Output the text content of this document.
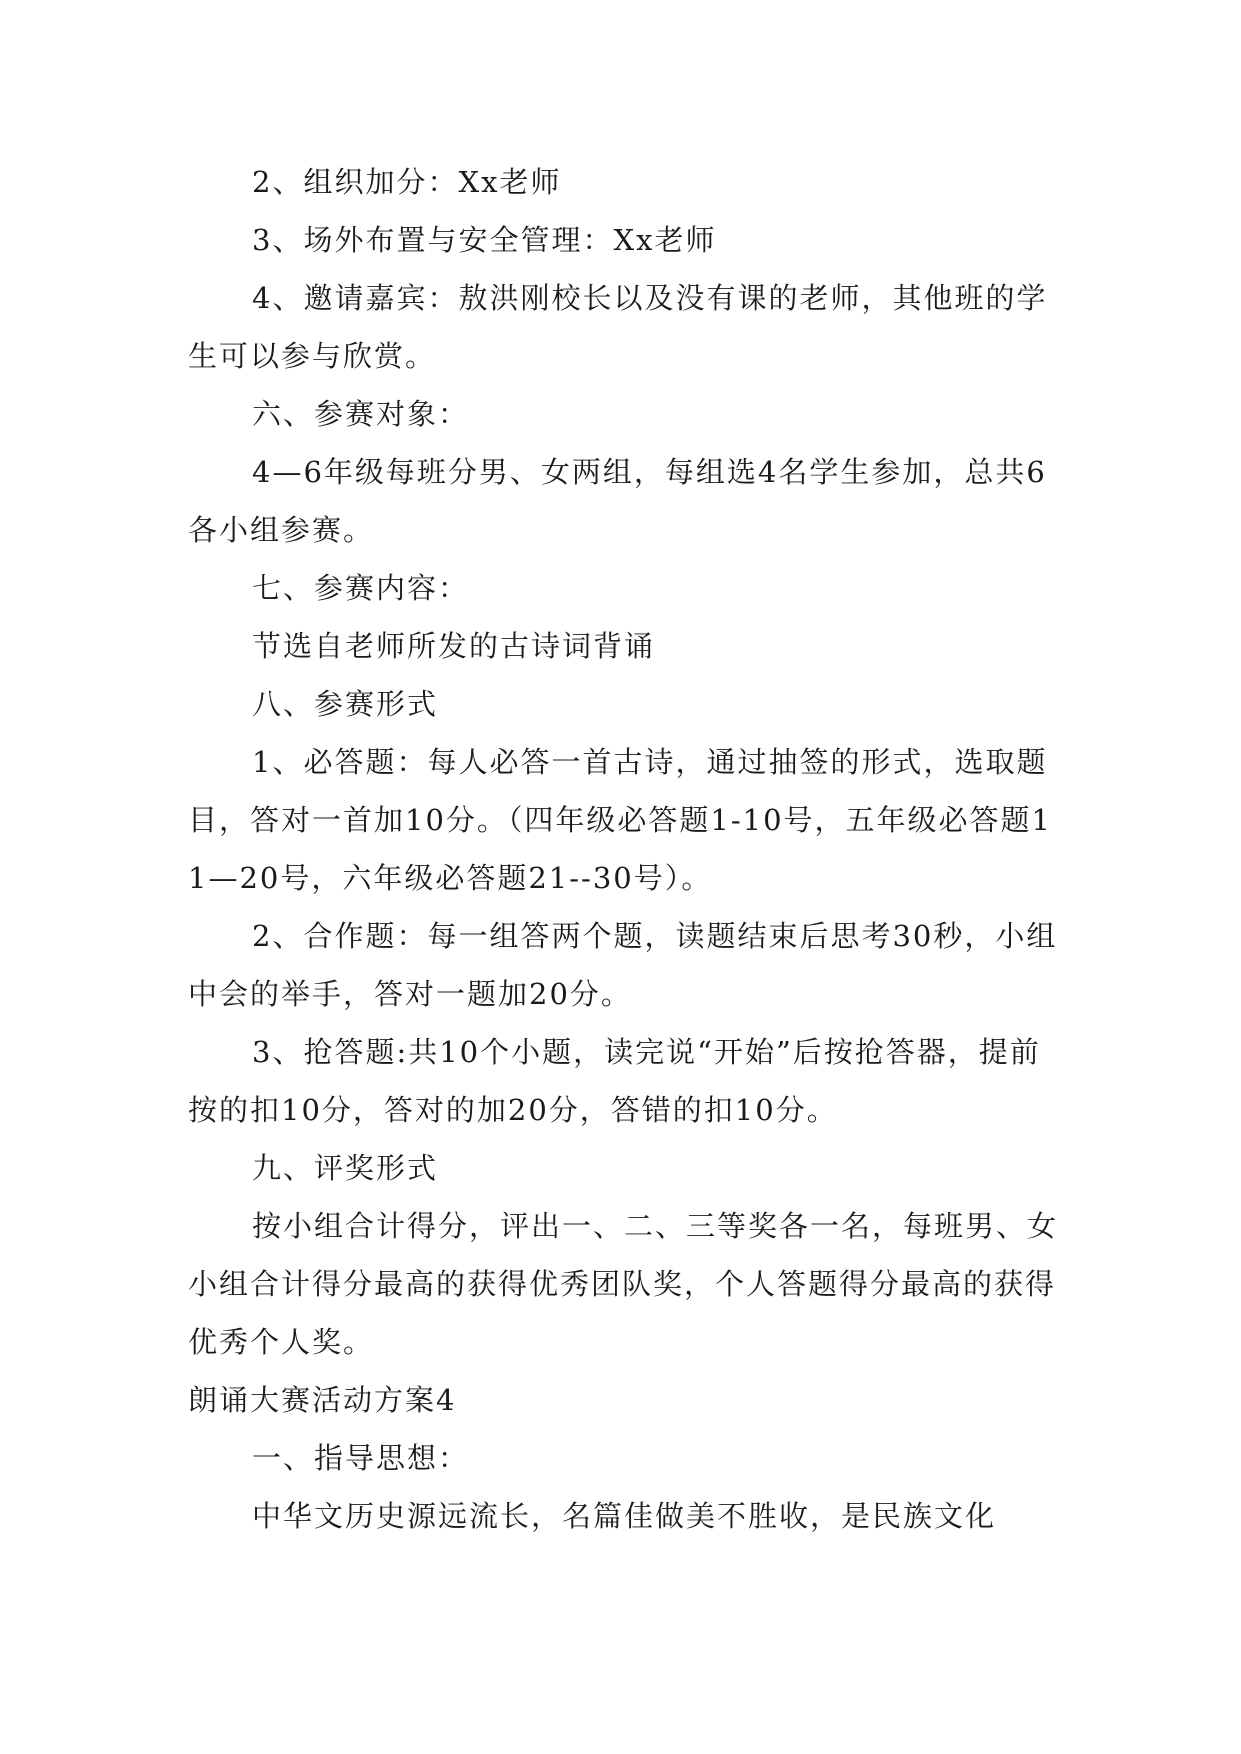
2、组织加分：Xx老师

3、场外布置与安全管理：Xx老师

4、邀请嘉宾：敖洪刚校长以及没有课的老师，其他班的学生可以参与欣赏。

六、参赛对象：

4—6年级每班分男、女两组，每组选4名学生参加，总共6各小组参赛。

七、参赛内容：

节选自老师所发的古诗词背诵

八、参赛形式

1、必答题：每人必答一首古诗，通过抽签的形式，选取题目，答对一首加10分。（四年级必答题1-10号，五年级必答题11—20号，六年级必答题21--30号）。

2、合作题：每一组答两个题，读题结束后思考30秒，小组中会的举手，答对一题加20分。

3、抢答题:共10个小题，读完说“开始”后按抢答器，提前按的扣10分，答对的加20分，答错的扣10分。

九、评奖形式

按小组合计得分，评出一、二、三等奖各一名，每班男、女小组合计得分最高的获得优秀团队奖，个人答题得分最高的获得优秀个人奖。

朗诵大赛活动方案4

一、指导思想：

中华文历史源远流长，名篇佳做美不胜收，是民族文化
